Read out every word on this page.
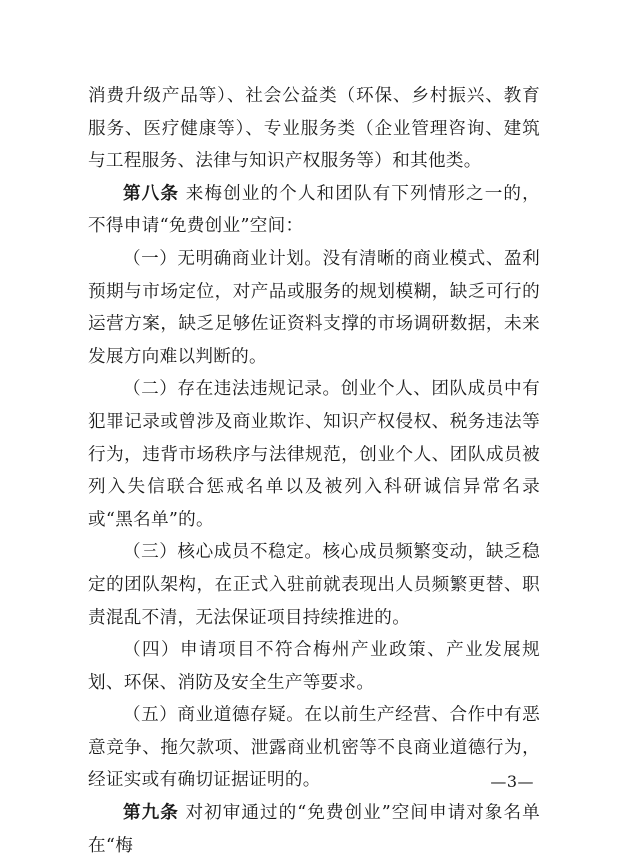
消费升级产品等）、社会公益类（环保、乡村振兴、教育服务、医疗健康等）、专业服务类（企业管理咨询、建筑与工程服务、法律与知识产权服务等）和其他类。

第八条 来梅创业的个人和团队有下列情形之一的，不得申请“免费创业”空间：

（一）无明确商业计划。没有清晰的商业模式、盈利预期与市场定位，对产品或服务的规划模糊，缺乏可行的运营方案，缺乏足够佐证资料支撑的市场调研数据，未来发展方向难以判断的。

（二）存在违法违规记录。创业个人、团队成员中有犯罪记录或曾涉及商业欺诈、知识产权侵权、税务违法等行为，违背市场秩序与法律规范，创业个人、团队成员被列入失信联合惩戒名单以及被列入科研诚信异常名录或“黑名单”的。

（三）核心成员不稳定。核心成员频繁变动，缺乏稳定的团队架构，在正式入驻前就表现出人员频繁更替、职责混乱不清，无法保证项目持续推进的。

（四）申请项目不符合梅州产业政策、产业发展规划、环保、消防及安全生产等要求。

（五）商业道德存疑。在以前生产经营、合作中有恶意竞争、拖欠款项、泄露商业机密等不良商业道德行为，经证实或有确切证据证明的。

第九条 对初审通过的“免费创业”空间申请对象名单在“梅

—3—
